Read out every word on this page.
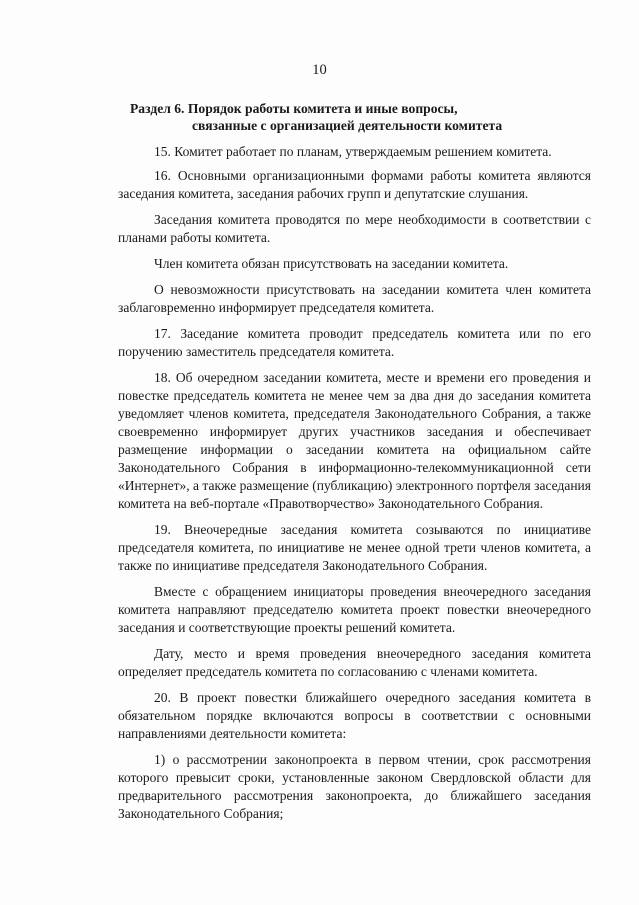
10
Раздел 6. Порядок работы комитета и иные вопросы,
связанные с организацией деятельности комитета

15. Комитет работает по планам, утверждаемым решением комитета.

16. Основными организационными формами работы комитета являются заседания комитета, заседания рабочих групп и депутатские слушания.

Заседания комитета проводятся по мере необходимости в соответствии с планами работы комитета.

Член комитета обязан присутствовать на заседании комитета.

О невозможности присутствовать на заседании комитета член комитета заблаговременно информирует председателя комитета.

17. Заседание комитета проводит председатель комитета или по его поручению заместитель председателя комитета.

18. Об очередном заседании комитета, месте и времени его проведения и повестке председатель комитета не менее чем за два дня до заседания комитета уведомляет членов комитета, председателя Законодательного Собрания, а также своевременно информирует других участников заседания и обеспечивает размещение информации о заседании комитета на официальном сайте Законодательного Собрания в информационно-телекоммуникационной сети «Интернет», а также размещение (публикацию) электронного портфеля заседания комитета на веб-портале «Правотворчество» Законодательного Собрания.

19. Внеочередные заседания комитета созываются по инициативе председателя комитета, по инициативе не менее одной трети членов комитета, а также по инициативе председателя Законодательного Собрания.

Вместе с обращением инициаторы проведения внеочередного заседания комитета направляют председателю комитета проект повестки внеочередного заседания и соответствующие проекты решений комитета.

Дату, место и время проведения внеочередного заседания комитета определяет председатель комитета по согласованию с членами комитета.

20. В проект повестки ближайшего очередного заседания комитета в обязательном порядке включаются вопросы в соответствии с основными направлениями деятельности комитета:

1) о рассмотрении законопроекта в первом чтении, срок рассмотрения которого превысит сроки, установленные законом Свердловской области для предварительного рассмотрения законопроекта, до ближайшего заседания Законодательного Собрания;
